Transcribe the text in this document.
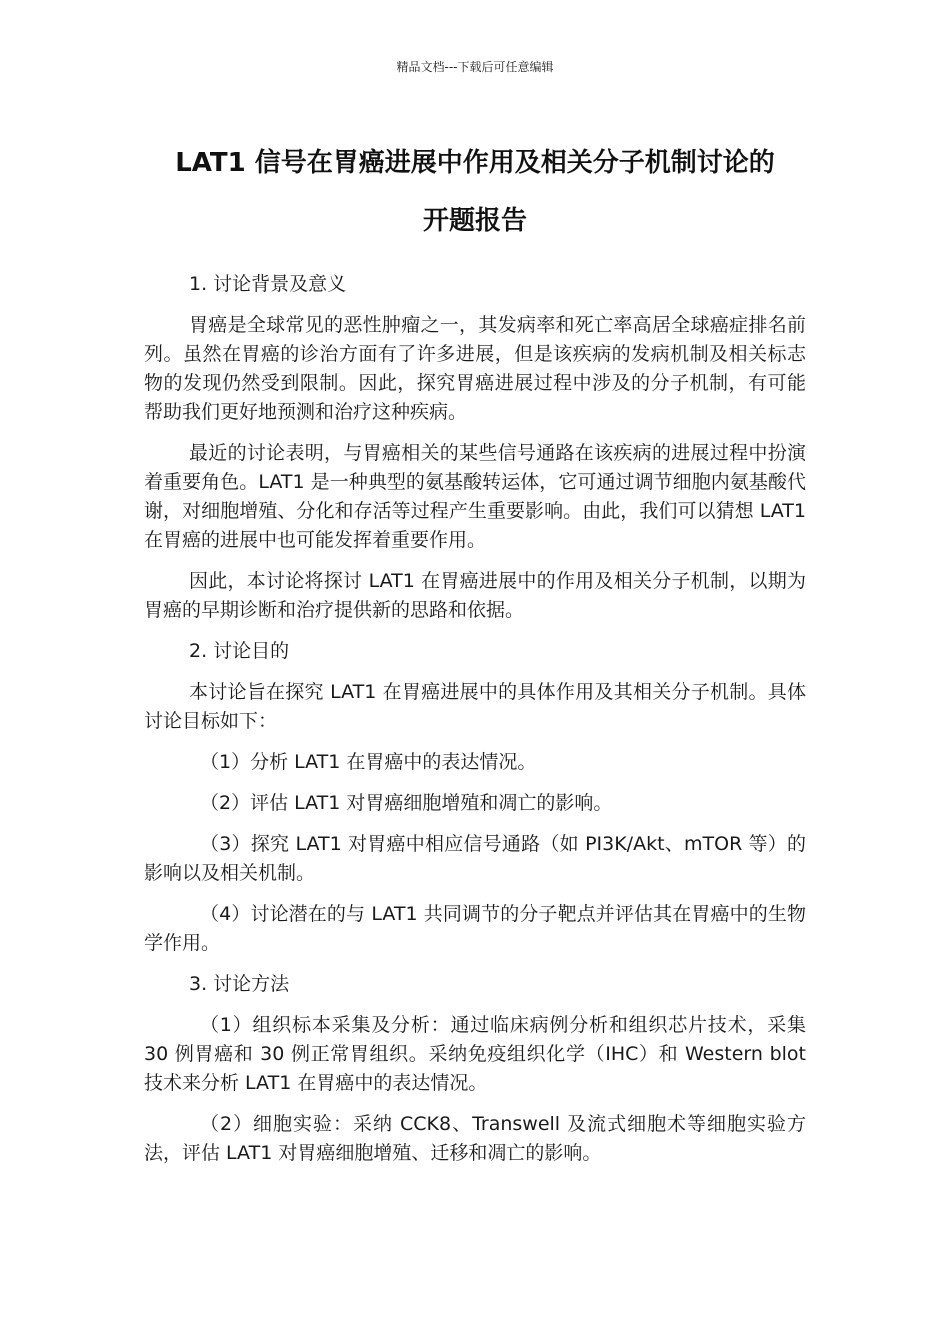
精品文档---下载后可任意编辑
LAT1 信号在胃癌进展中作用及相关分子机制讨论的
开题报告

1. 讨论背景及意义

胃癌是全球常见的恶性肿瘤之一，其发病率和死亡率高居全球癌症排名前列。虽然在胃癌的诊治方面有了许多进展，但是该疾病的发病机制及相关标志物的发现仍然受到限制。因此，探究胃癌进展过程中涉及的分子机制，有可能帮助我们更好地预测和治疗这种疾病。

最近的讨论表明，与胃癌相关的某些信号通路在该疾病的进展过程中扮演着重要角色。LAT1 是一种典型的氨基酸转运体，它可通过调节细胞内氨基酸代谢，对细胞增殖、分化和存活等过程产生重要影响。由此，我们可以猜想 LAT1 在胃癌的进展中也可能发挥着重要作用。

因此，本讨论将探讨 LAT1 在胃癌进展中的作用及相关分子机制，以期为胃癌的早期诊断和治疗提供新的思路和依据。

2. 讨论目的

本讨论旨在探究 LAT1 在胃癌进展中的具体作用及其相关分子机制。具体讨论目标如下：

（1）分析 LAT1 在胃癌中的表达情况。

（2）评估 LAT1 对胃癌细胞增殖和凋亡的影响。

（3）探究 LAT1 对胃癌中相应信号通路（如 PI3K/Akt、mTOR 等）的影响以及相关机制。

（4）讨论潜在的与 LAT1 共同调节的分子靶点并评估其在胃癌中的生物学作用。

3. 讨论方法

（1）组织标本采集及分析：通过临床病例分析和组织芯片技术，采集 30 例胃癌和 30 例正常胃组织。采纳免疫组织化学（IHC）和 Western blot 技术来分析 LAT1 在胃癌中的表达情况。

（2）细胞实验：采纳 CCK8、Transwell 及流式细胞术等细胞实验方法，评估 LAT1 对胃癌细胞增殖、迁移和凋亡的影响。
